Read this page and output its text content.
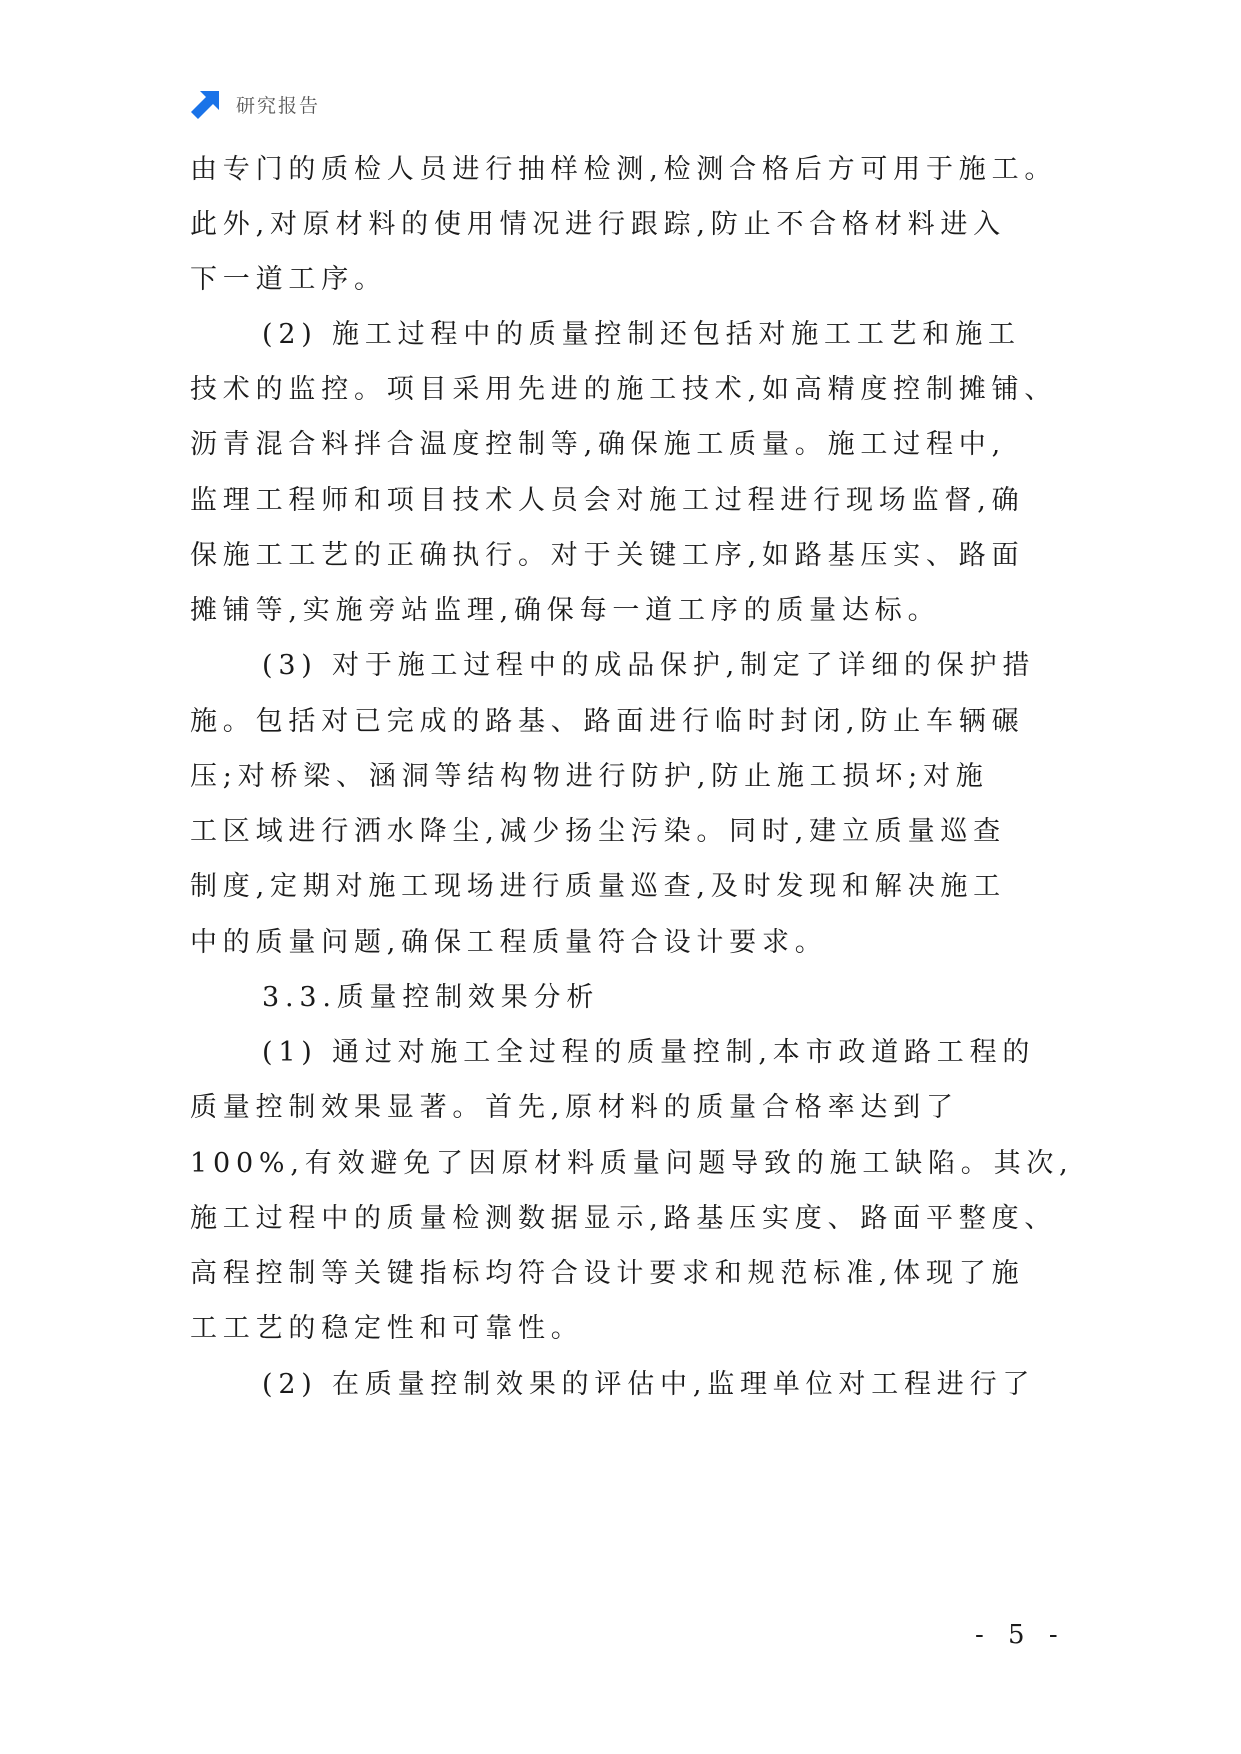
研究报告
由专门的质检人员进行抽样检测,检测合格后方可用于施工。
此外,对原材料的使用情况进行跟踪,防止不合格材料进入
下一道工序。
(2) 施工过程中的质量控制还包括对施工工艺和施工
技术的监控。项目采用先进的施工技术,如高精度控制摊铺、
沥青混合料拌合温度控制等,确保施工质量。施工过程中,
监理工程师和项目技术人员会对施工过程进行现场监督,确
保施工工艺的正确执行。对于关键工序,如路基压实、路面
摊铺等,实施旁站监理,确保每一道工序的质量达标。
(3) 对于施工过程中的成品保护,制定了详细的保护措
施。包括对已完成的路基、路面进行临时封闭,防止车辆碾
压;对桥梁、涵洞等结构物进行防护,防止施工损坏;对施
工区域进行洒水降尘,减少扬尘污染。同时,建立质量巡查
制度,定期对施工现场进行质量巡查,及时发现和解决施工
中的质量问题,确保工程质量符合设计要求。
3.3.质量控制效果分析
(1) 通过对施工全过程的质量控制,本市政道路工程的
质量控制效果显著。首先,原材料的质量合格率达到了
100%,有效避免了因原材料质量问题导致的施工缺陷。其次,
施工过程中的质量检测数据显示,路基压实度、路面平整度、
高程控制等关键指标均符合设计要求和规范标准,体现了施
工工艺的稳定性和可靠性。
(2) 在质量控制效果的评估中,监理单位对工程进行了
- 5 -
